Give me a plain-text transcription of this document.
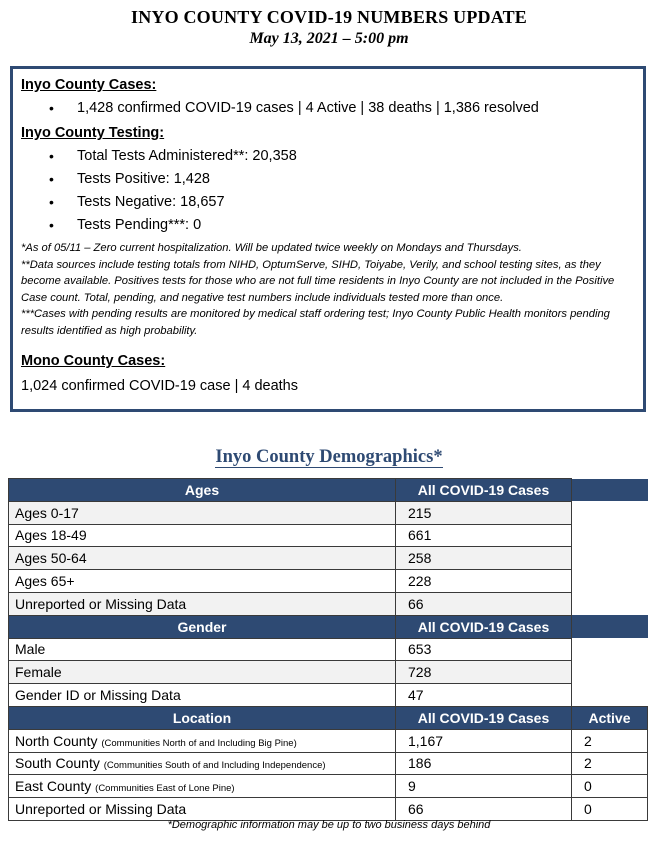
INYO COUNTY COVID-19 NUMBERS UPDATE
May 13, 2021 – 5:00 pm
Inyo County Cases:
• 1,428 confirmed COVID-19 cases | 4 Active | 38 deaths | 1,386 resolved
Inyo County Testing:
• Total Tests Administered**: 20,358
• Tests Positive: 1,428
• Tests Negative: 18,657
• Tests Pending***: 0
*As of 05/11 – Zero current hospitalization. Will be updated twice weekly on Mondays and Thursdays.
**Data sources include testing totals from NIHD, OptumServe, SIHD, Toiyabe, Verily, and school testing sites, as they become available. Positives tests for those who are not full time residents in Inyo County are not included in the Positive Case count. Total, pending, and negative test numbers include individuals tested more than once.
***Cases with pending results are monitored by medical staff ordering test; Inyo County Public Health monitors pending results identified as high probability.
Mono County Cases:
1,024 confirmed COVID-19 case | 4 deaths
Inyo County Demographics*
Ages	All COVID-19 Cases	
Ages 0-17	215	
Ages 18-49	661	
Ages 50-64	258	
Ages 65+	228	
Unreported or Missing Data	66	
Gender	All COVID-19 Cases	
Male	653	
Female	728	
Gender ID or Missing Data	47	
Location	All COVID-19 Cases	Active
North County (Communities North of and Including Big Pine)	1,167	2
South County (Communities South of and Including Independence)	186	2
East County (Communities East of Lone Pine)	9	0
Unreported or Missing Data	66	0
*Demographic information may be up to two business days behind
